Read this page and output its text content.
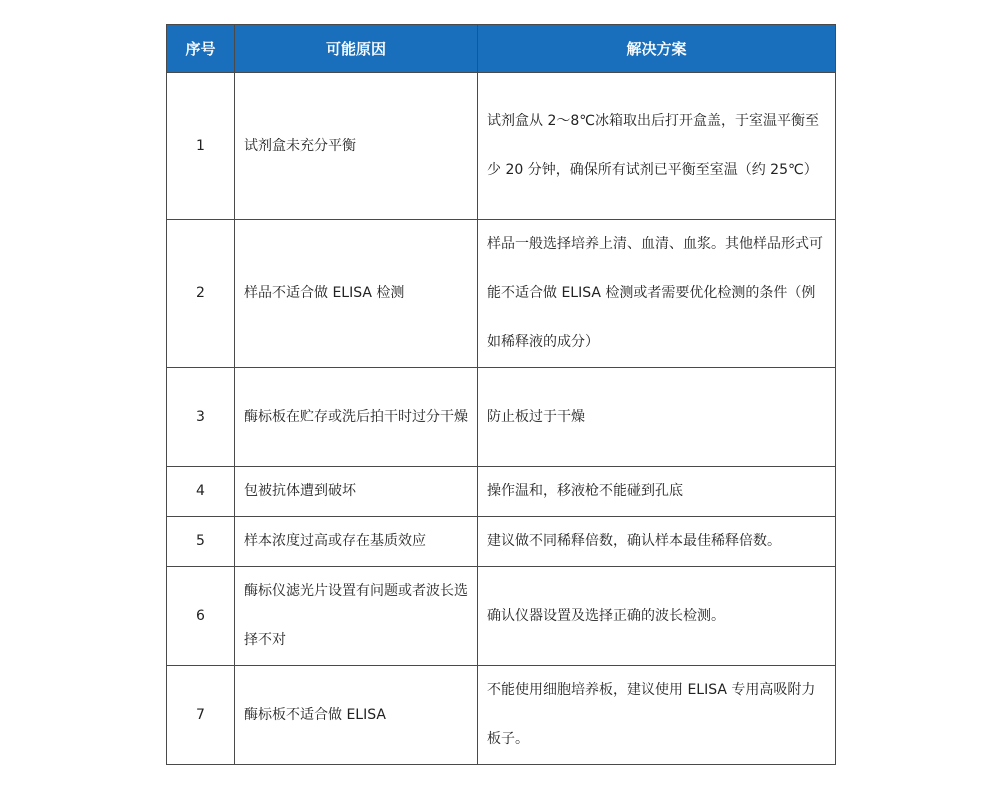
序号	可能原因	解决方案
1	试剂盒未充分平衡	试剂盒从 2～8℃冰箱取出后打开盒盖，于室温平衡至少 20 分钟，确保所有试剂已平衡至室温（约 25℃）
2	样品不适合做 ELISA 检测	样品一般选择培养上清、血清、血浆。其他样品形式可能不适合做 ELISA 检测或者需要优化检测的条件（例如稀释液的成分）
3	酶标板在贮存或洗后拍干时过分干燥	防止板过于干燥
4	包被抗体遭到破坏	操作温和，移液枪不能碰到孔底
5	样本浓度过高或存在基质效应	建议做不同稀释倍数，确认样本最佳稀释倍数。
6	酶标仪滤光片设置有问题或者波长选择不对	确认仪器设置及选择正确的波长检测。
7	酶标板不适合做 ELISA	不能使用细胞培养板，建议使用 ELISA 专用高吸附力板子。
